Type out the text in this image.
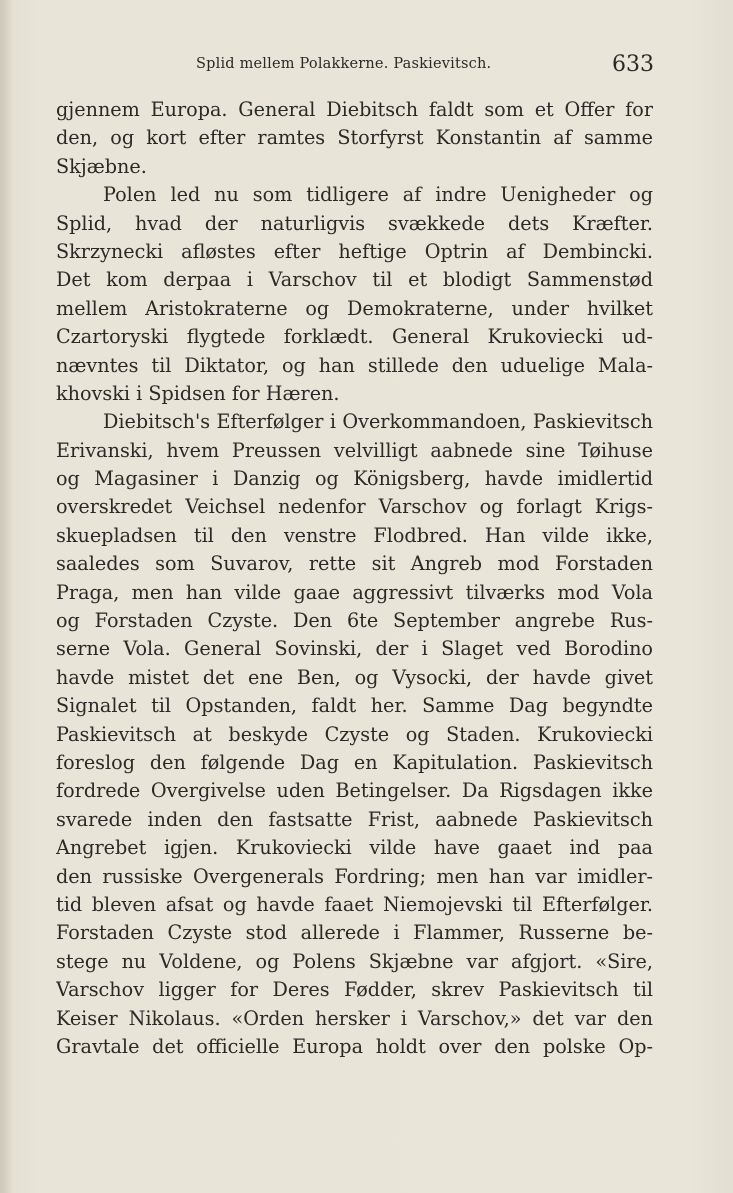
Splid mellem Polakkerne. Paskievitsch.	633
gjennem Europa. General Diebitsch faldt som et Offer for
den, og kort efter ramtes Storfyrst Konstantin af samme
Skjæbne.
Polen led nu som tidligere af indre Uenigheder og
Splid, hvad der naturligvis svækkede dets Kræfter.
Skrzynecki afløstes efter heftige Optrin af Dembincki.
Det kom derpaa i Varschov til et blodigt Sammenstød
mellem Aristokraterne og Demokraterne, under hvilket
Czartoryski flygtede forklædt. General Krukoviecki ud-
nævntes til Diktator, og han stillede den uduelige Mala-
khovski i Spidsen for Hæren.
Diebitsch's Efterfølger i Overkommandoen, Paskievitsch
Erivanski, hvem Preussen velvilligt aabnede sine Tøihuse
og Magasiner i Danzig og Königsberg, havde imidlertid
overskredet Veichsel nedenfor Varschov og forlagt Krigs-
skuepladsen til den venstre Flodbred. Han vilde ikke,
saaledes som Suvarov, rette sit Angreb mod Forstaden
Praga, men han vilde gaae aggressivt tilværks mod Vola
og Forstaden Czyste. Den 6te September angrebe Rus-
serne Vola. General Sovinski, der i Slaget ved Borodino
havde mistet det ene Ben, og Vysocki, der havde givet
Signalet til Opstanden, faldt her. Samme Dag begyndte
Paskievitsch at beskyde Czyste og Staden. Krukoviecki
foreslog den følgende Dag en Kapitulation. Paskievitsch
fordrede Overgivelse uden Betingelser. Da Rigsdagen ikke
svarede inden den fastsatte Frist, aabnede Paskievitsch
Angrebet igjen. Krukoviecki vilde have gaaet ind paa
den russiske Overgenerals Fordring; men han var imidler-
tid bleven afsat og havde faaet Niemojevski til Efterfølger.
Forstaden Czyste stod allerede i Flammer, Russerne be-
stege nu Voldene, og Polens Skjæbne var afgjort. «Sire,
Varschov ligger for Deres Fødder, skrev Paskievitsch til
Keiser Nikolaus. «Orden hersker i Varschov,» det var den
Gravtale det officielle Europa holdt over den polske Op-
